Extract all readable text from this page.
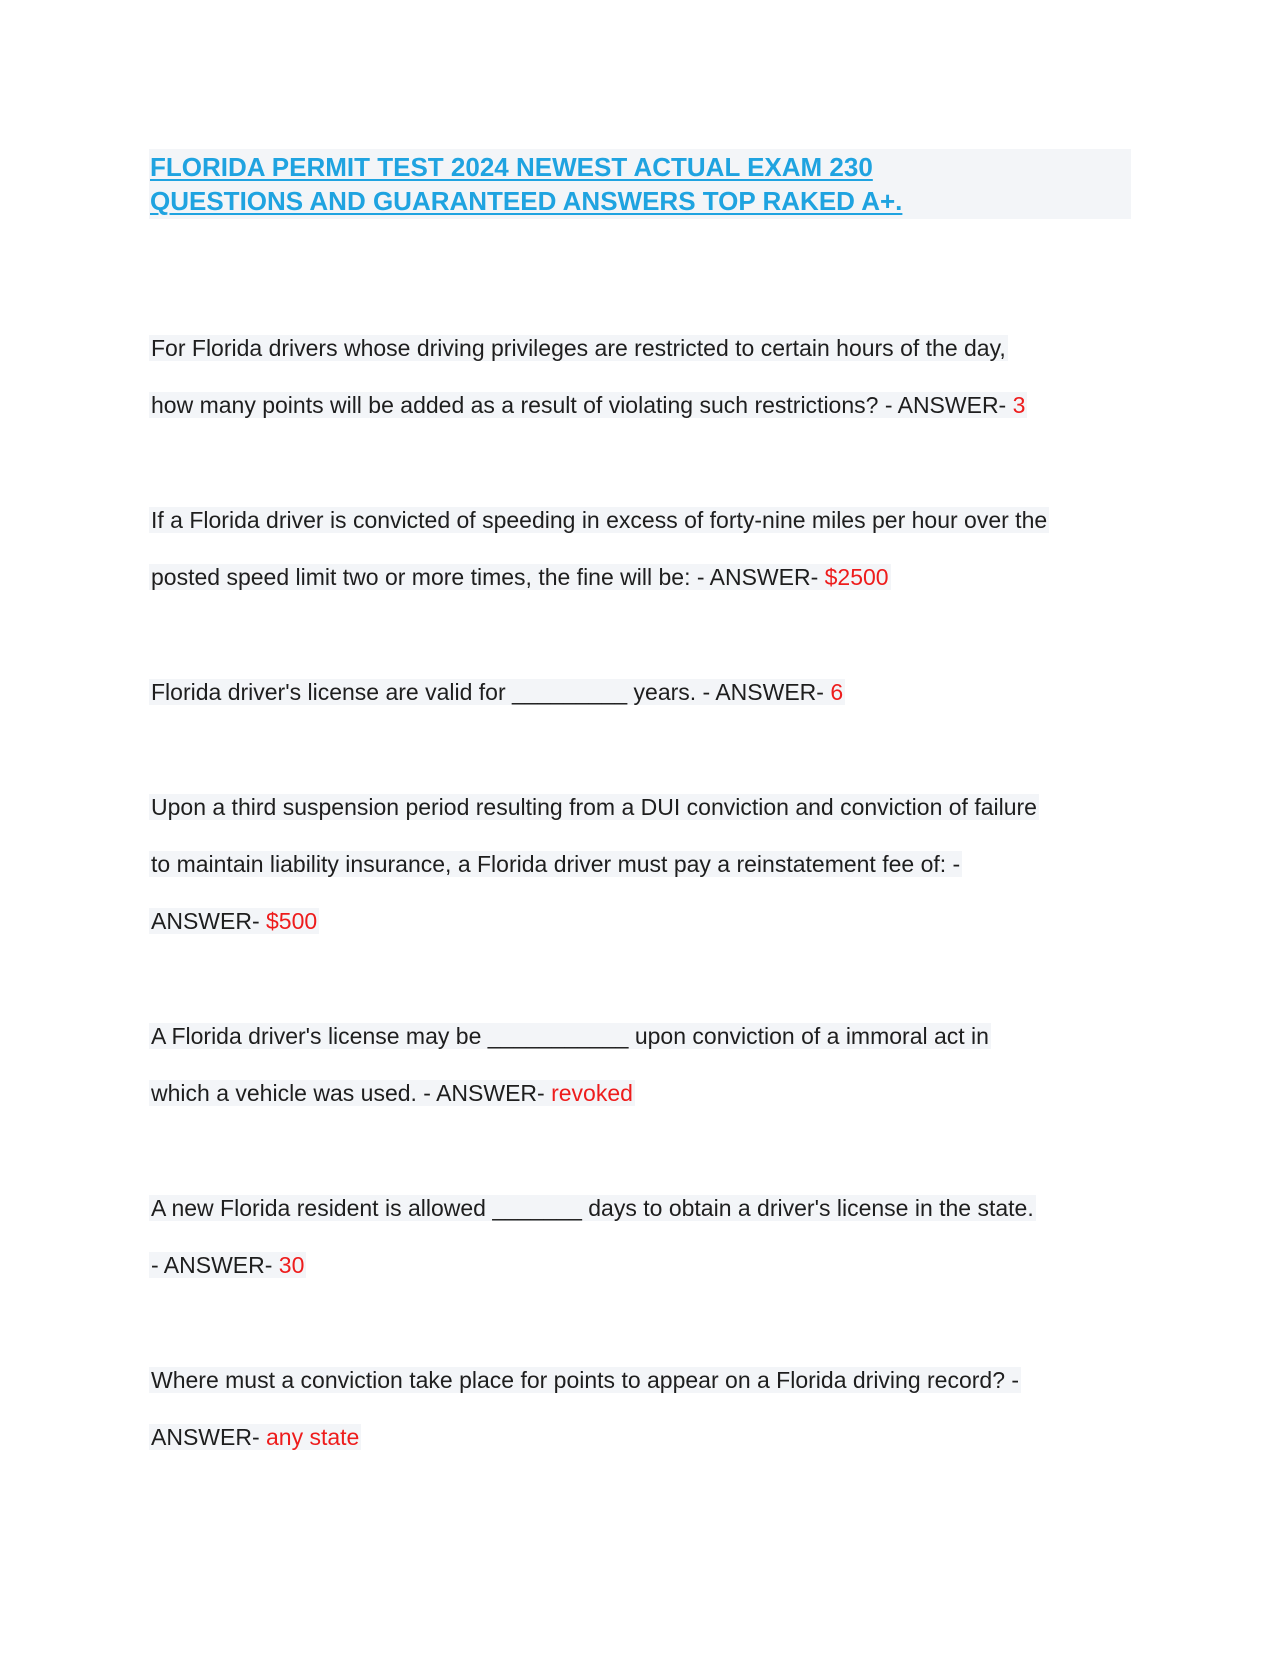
FLORIDA PERMIT TEST 2024 NEWEST ACTUAL EXAM 230
QUESTIONS AND GUARANTEED ANSWERS TOP RAKED A+.
For Florida drivers whose driving privileges are restricted to certain hours of the day,
how many points will be added as a result of violating such restrictions? - ANSWER- 3
If a Florida driver is convicted of speeding in excess of forty-nine miles per hour over the
posted speed limit two or more times, the fine will be: - ANSWER- $2500
Florida driver's license are valid for _________ years. - ANSWER- 6
Upon a third suspension period resulting from a DUI conviction and conviction of failure
to maintain liability insurance, a Florida driver must pay a reinstatement fee of: -
ANSWER- $500
A Florida driver's license may be ___________ upon conviction of a immoral act in
which a vehicle was used. - ANSWER- revoked
A new Florida resident is allowed _______ days to obtain a driver's license in the state.
- ANSWER- 30
Where must a conviction take place for points to appear on a Florida driving record? -
ANSWER- any state
